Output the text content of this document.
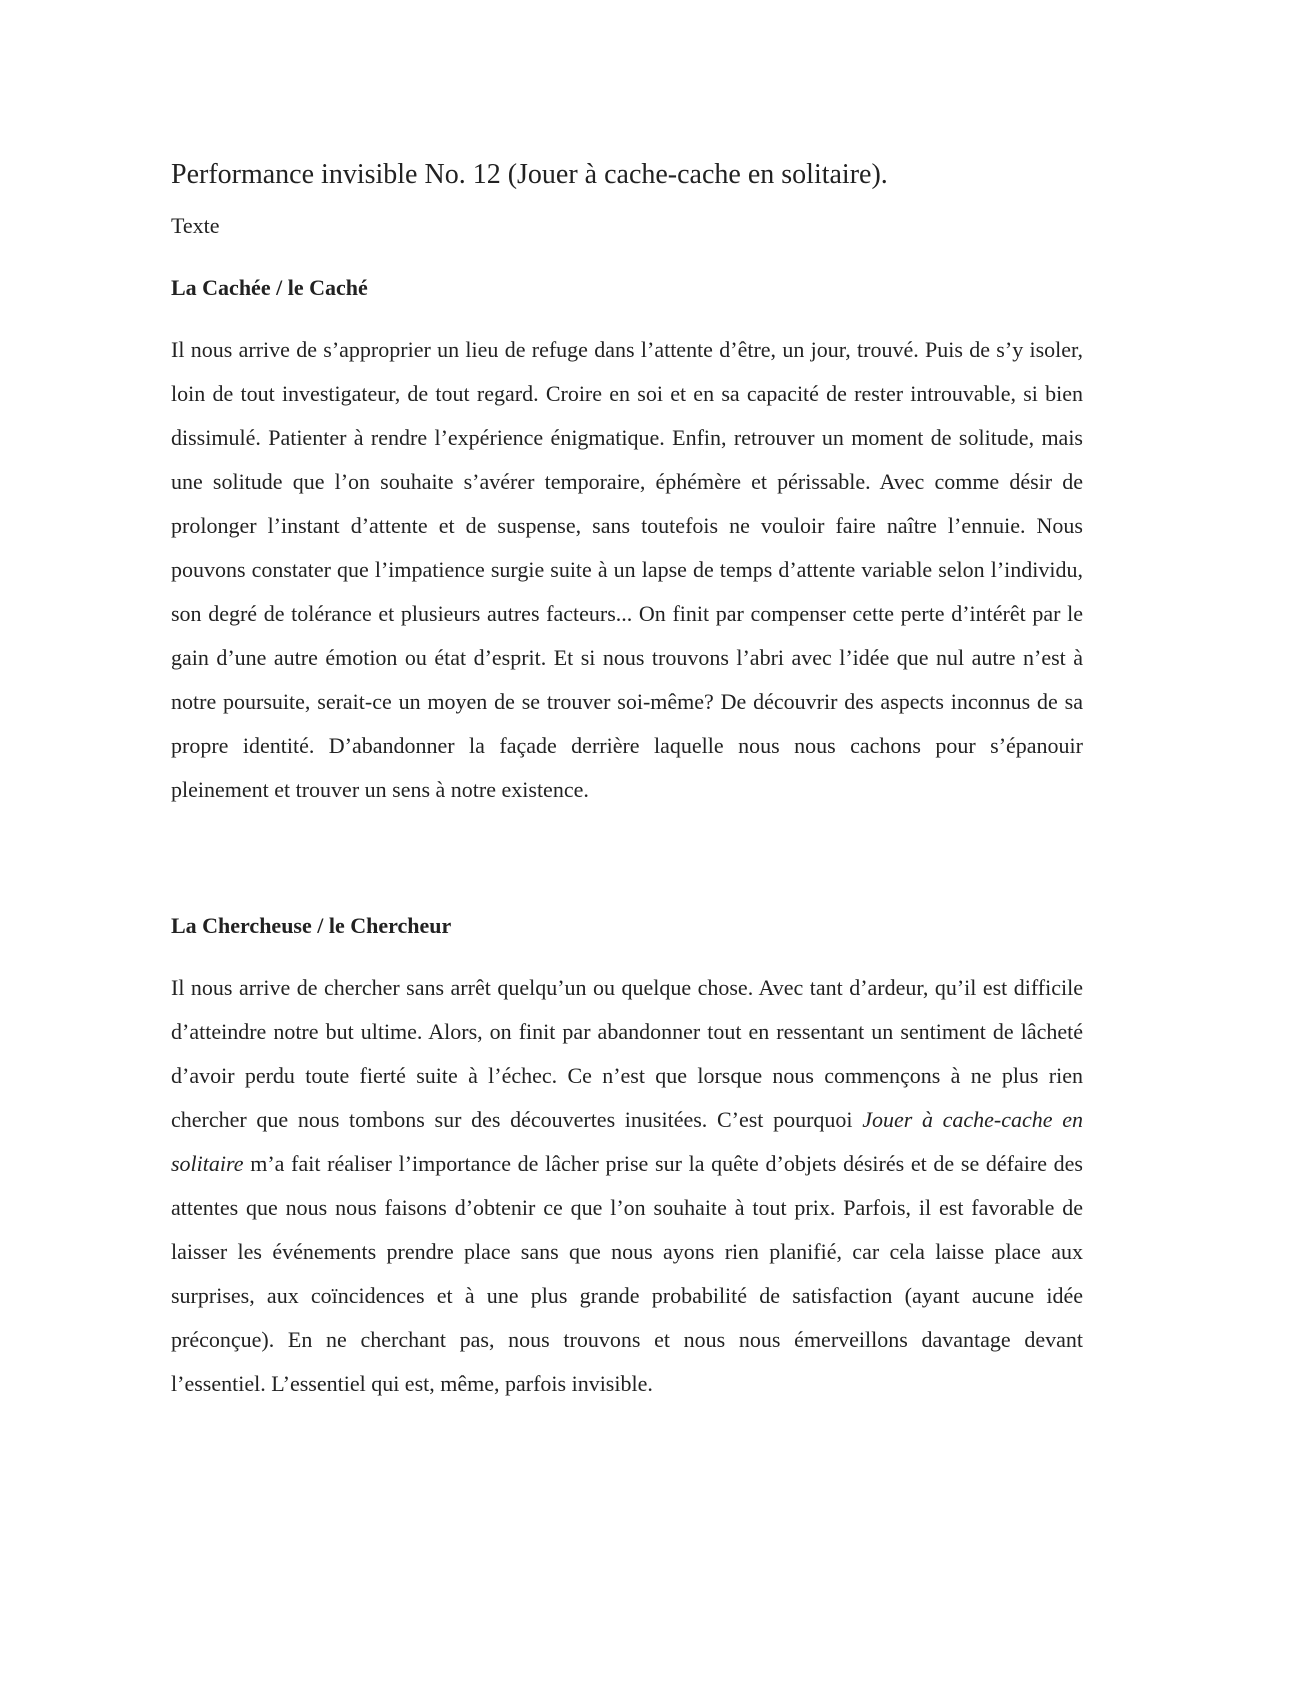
Performance invisible No. 12 (Jouer à cache-cache en solitaire).

Texte

La Cachée / le Caché

Il nous arrive de s’approprier un lieu de refuge dans l’attente d’être, un jour, trouvé. Puis de s’y isoler, loin de tout investigateur, de tout regard. Croire en soi et en sa capacité de rester introuvable, si bien dissimulé. Patienter à rendre l’expérience énigmatique. Enfin, retrouver un moment de solitude, mais une solitude que l’on souhaite s’avérer temporaire, éphémère et périssable. Avec comme désir de prolonger l’instant d’attente et de suspense, sans toutefois ne vouloir faire naître l’ennuie. Nous pouvons constater que l’impatience surgie suite à un lapse de temps d’attente variable selon l’individu, son degré de tolérance et plusieurs autres facteurs... On finit par compenser cette perte d’intérêt par le gain d’une autre émotion ou état d’esprit. Et si nous trouvons l’abri avec l’idée que nul autre n’est à notre poursuite, serait-ce un moyen de se trouver soi-même? De découvrir des aspects inconnus de sa propre identité. D’abandonner la façade derrière laquelle nous nous cachons pour s’épanouir pleinement et trouver un sens à notre existence.

La Chercheuse / le Chercheur

Il nous arrive de chercher sans arrêt quelqu’un ou quelque chose. Avec tant d’ardeur, qu’il est difficile d’atteindre notre but ultime. Alors, on finit par abandonner tout en ressentant un sentiment de lâcheté d’avoir perdu toute fierté suite à l’échec. Ce n’est que lorsque nous commençons à ne plus rien chercher que nous tombons sur des découvertes inusitées. C’est pourquoi Jouer à cache-cache en solitaire m’a fait réaliser l’importance de lâcher prise sur la quête d’objets désirés et de se défaire des attentes que nous nous faisons d’obtenir ce que l’on souhaite à tout prix. Parfois, il est favorable de laisser les événements prendre place sans que nous ayons rien planifié, car cela laisse place aux surprises, aux coïncidences et à une plus grande probabilité de satisfaction (ayant aucune idée préconçue). En ne cherchant pas, nous trouvons et nous nous émerveillons davantage devant l’essentiel. L’essentiel qui est, même, parfois invisible.
